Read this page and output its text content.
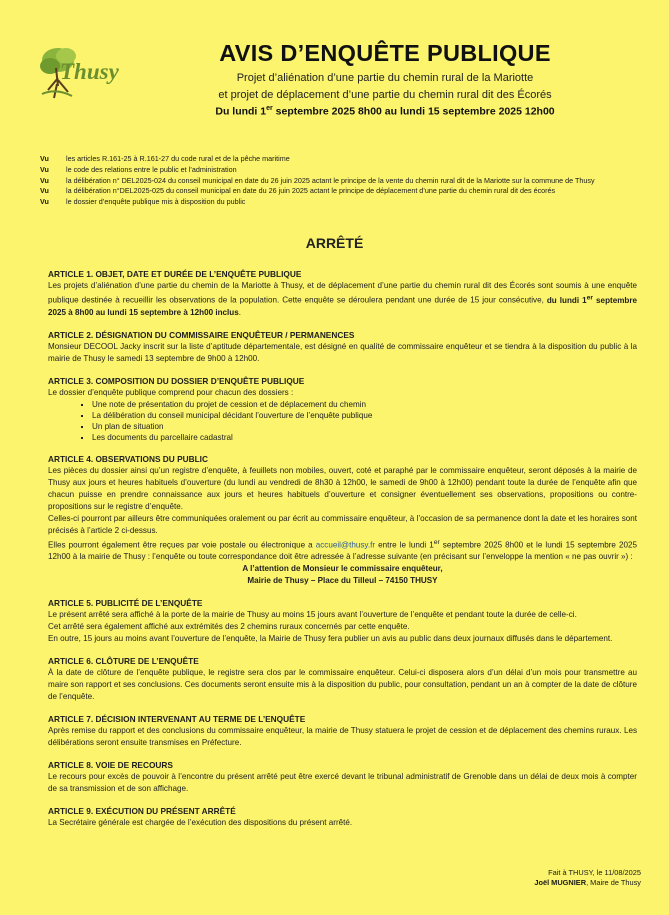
Thusy
AVIS D’ENQUÊTE PUBLIQUE
Projet d’aliénation d’une partie du chemin rural de la Mariotte
et projet de déplacement d’une partie du chemin rural dit des Écorés
Du lundi 1er septembre 2025 8h00 au lundi 15 septembre 2025 12h00
Vu	les articles R.161-25 à R.161-27 du code rural et de la pêche maritime
Vu	le code des relations entre le public et l’administration
Vu	la délibération n° DEL2025-024 du conseil municipal en date du 26 juin 2025 actant le principe de la vente du chemin rural dit de la Mariotte sur la commune de Thusy
Vu	la délibération n°DEL2025-025 du conseil municipal en date du 26 juin 2025 actant le principe de déplacement d’une partie du chemin rural dit des écorés
Vu	le dossier d’enquête publique mis à disposition du public
ARRÊTÉ
ARTICLE 1. OBJET, DATE ET DURÉE DE L’ENQUÊTE PUBLIQUE

Les projets d’aliénation d’une partie du chemin de la Mariotte à Thusy, et de déplacement d’une partie du chemin rural dit des Écorés sont soumis à une enquête publique destinée à recueillir les observations de la population. Cette enquête se déroulera pendant une durée de 15 jour consécutive, du lundi 1er septembre 2025 à 8h00 au lundi 15 septembre à 12h00 inclus.

ARTICLE 2. DÉSIGNATION DU COMMISSAIRE ENQUÊTEUR / PERMANENCES

Monsieur DECOOL Jacky inscrit sur la liste d’aptitude départementale, est désigné en qualité de commissaire enquêteur et se tiendra à la disposition du public à la mairie de Thusy le samedi 13 septembre de 9h00 à 12h00.

ARTICLE 3. COMPOSITION DU DOSSIER D’ENQUÊTE PUBLIQUE

Le dossier d’enquête publique comprend pour chacun des dossiers :

▪ Une note de présentation du projet de cession et de déplacement du chemin
▪ La délibération du conseil municipal décidant l’ouverture de l’enquête publique
▪ Un plan de situation
▪ Les documents du parcellaire cadastral
ARTICLE 4. OBSERVATIONS DU PUBLIC

Les pièces du dossier ainsi qu’un registre d’enquête, à feuillets non mobiles, ouvert, coté et paraphé par le commissaire enquêteur, seront déposés à la mairie de Thusy aux jours et heures habituels d’ouverture (du lundi au vendredi de 8h30 à 12h00, le samedi de 9h00 à 12h00) pendant toute la durée de l’enquête afin que chacun puisse en prendre connaissance aux jours et heures habituels d’ouverture et consigner éventuellement ses observations, propositions ou contre-propositions sur le registre d’enquête.

Celles-ci pourront par ailleurs être communiquées oralement ou par écrit au commissaire enquêteur, à l’occasion de sa permanence dont la date et les horaires sont précisés à l’article 2 ci-dessus.

Elles pourront également être reçues par voie postale ou électronique a accueil@thusy.fr entre le lundi 1er septembre 2025 8h00 et le lundi 15 septembre 2025 12h00 à la mairie de Thusy : l’enquête ou toute correspondance doit être adressée à l’adresse suivante (en précisant sur l’enveloppe la mention « ne pas ouvrir ») :

A l’attention de Monsieur le commissaire enquêteur,

Mairie de Thusy – Place du Tilleul – 74150 THUSY

ARTICLE 5. PUBLICITÉ DE L’ENQUÊTE

Le présent arrêté sera affiché à la porte de la mairie de Thusy au moins 15 jours avant l’ouverture de l’enquête et pendant toute la durée de celle-ci.

Cet arrêté sera également affiché aux extrémités des 2 chemins ruraux concernés par cette enquête.

En outre, 15 jours au moins avant l’ouverture de l’enquête, la Mairie de Thusy fera publier un avis au public dans deux journaux diffusés dans le département.

ARTICLE 6. CLÔTURE DE L’ENQUÊTE

À la date de clôture de l’enquête publique, le registre sera clos par le commissaire enquêteur. Celui-ci disposera alors d’un délai d’un mois pour transmettre au maire son rapport et ses conclusions. Ces documents seront ensuite mis à la disposition du public, pour consultation, pendant un an à compter de la date de clôture de l’enquête.

ARTICLE 7. DÉCISION INTERVENANT AU TERME DE L’ENQUÊTE

Après remise du rapport et des conclusions du commissaire enquêteur, la mairie de Thusy statuera le projet de cession et de déplacement des chemins ruraux. Les délibérations seront ensuite transmises en Préfecture.

ARTICLE 8. VOIE DE RECOURS

Le recours pour excès de pouvoir à l’encontre du présent arrêté peut être exercé devant le tribunal administratif de Grenoble dans un délai de deux mois à compter de sa transmission et de son affichage.

ARTICLE 9. EXÉCUTION DU PRÉSENT ARRÊTÉ

La Secrétaire générale est chargée de l’exécution des dispositions du présent arrêté.

Fait à THUSY, le 11/08/2025
Joël MUGNIER, Maire de Thusy
